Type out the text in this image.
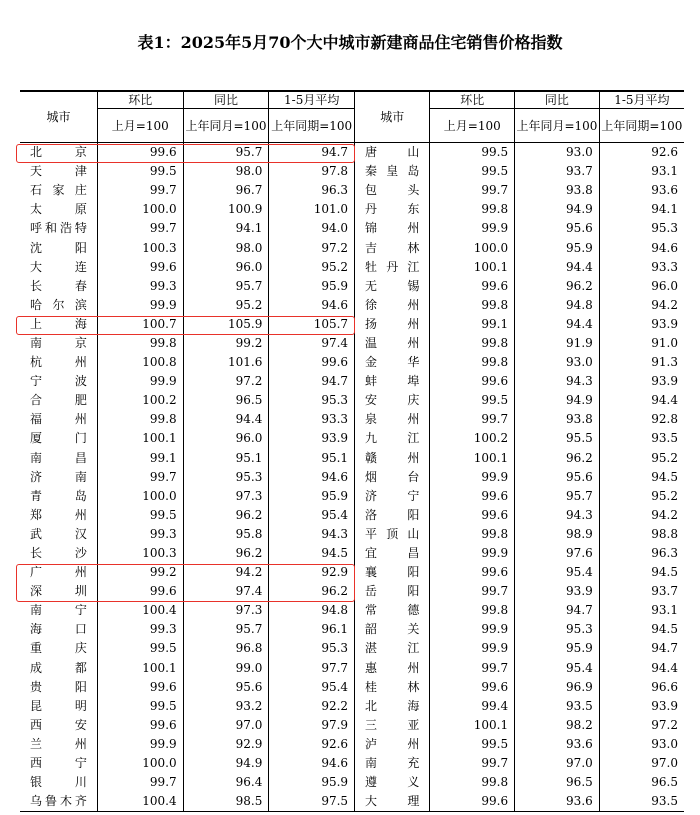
表1：2025年5月70个大中城市新建商品住宅销售价格指数
城市	环比	同比	1-5月平均	城市	环比	同比	1-5月平均
	上月=100	上年同月=100	上年同期=100		上月=100	上年同月=100	上年同期=100
北京	99.6	95.7	94.7	唐山	99.5	93.0	92.6
天津	99.5	98.0	97.8	秦皇岛	99.5	93.7	93.1
石家庄	99.7	96.7	96.3	包头	99.7	93.8	93.6
太原	100.0	100.9	101.0	丹东	99.8	94.9	94.1
呼和浩特	99.7	94.1	94.0	锦州	99.9	95.6	95.3
沈阳	100.3	98.0	97.2	吉林	100.0	95.9	94.6
大连	99.6	96.0	95.2	牡丹江	100.1	94.4	93.3
长春	99.3	95.7	95.9	无锡	99.6	96.2	96.0
哈尔滨	99.9	95.2	94.6	徐州	99.8	94.8	94.2
上海	100.7	105.9	105.7	扬州	99.1	94.4	93.9
南京	99.8	99.2	97.4	温州	99.8	91.9	91.0
杭州	100.8	101.6	99.6	金华	99.8	93.0	91.3
宁波	99.9	97.2	94.7	蚌埠	99.6	94.3	93.9
合肥	100.2	96.5	95.3	安庆	99.5	94.9	94.4
福州	99.8	94.4	93.3	泉州	99.7	93.8	92.8
厦门	100.1	96.0	93.9	九江	100.2	95.5	93.5
南昌	99.1	95.1	95.1	赣州	100.1	96.2	95.2
济南	99.7	95.3	94.6	烟台	99.9	95.6	94.5
青岛	100.0	97.3	95.9	济宁	99.6	95.7	95.2
郑州	99.5	96.2	95.4	洛阳	99.6	94.3	94.2
武汉	99.3	95.8	94.3	平顶山	99.8	98.9	98.8
长沙	100.3	96.2	94.5	宜昌	99.9	97.6	96.3
广州	99.2	94.2	92.9	襄阳	99.6	95.4	94.5
深圳	99.6	97.4	96.2	岳阳	99.7	93.9	93.7
南宁	100.4	97.3	94.8	常德	99.8	94.7	93.1
海口	99.3	95.7	96.1	韶关	99.9	95.3	94.5
重庆	99.5	96.8	95.3	湛江	99.9	95.9	94.7
成都	100.1	99.0	97.7	惠州	99.7	95.4	94.4
贵阳	99.6	95.6	95.4	桂林	99.6	96.9	96.6
昆明	99.5	93.2	92.2	北海	99.4	93.5	93.9
西安	99.6	97.0	97.9	三亚	100.1	98.2	97.2
兰州	99.9	92.9	92.6	泸州	99.5	93.6	93.0
西宁	100.0	94.9	94.6	南充	99.7	97.0	97.0
银川	99.7	96.4	95.9	遵义	99.8	96.5	96.5
乌鲁木齐	100.4	98.5	97.5	大理	99.6	93.6	93.5
